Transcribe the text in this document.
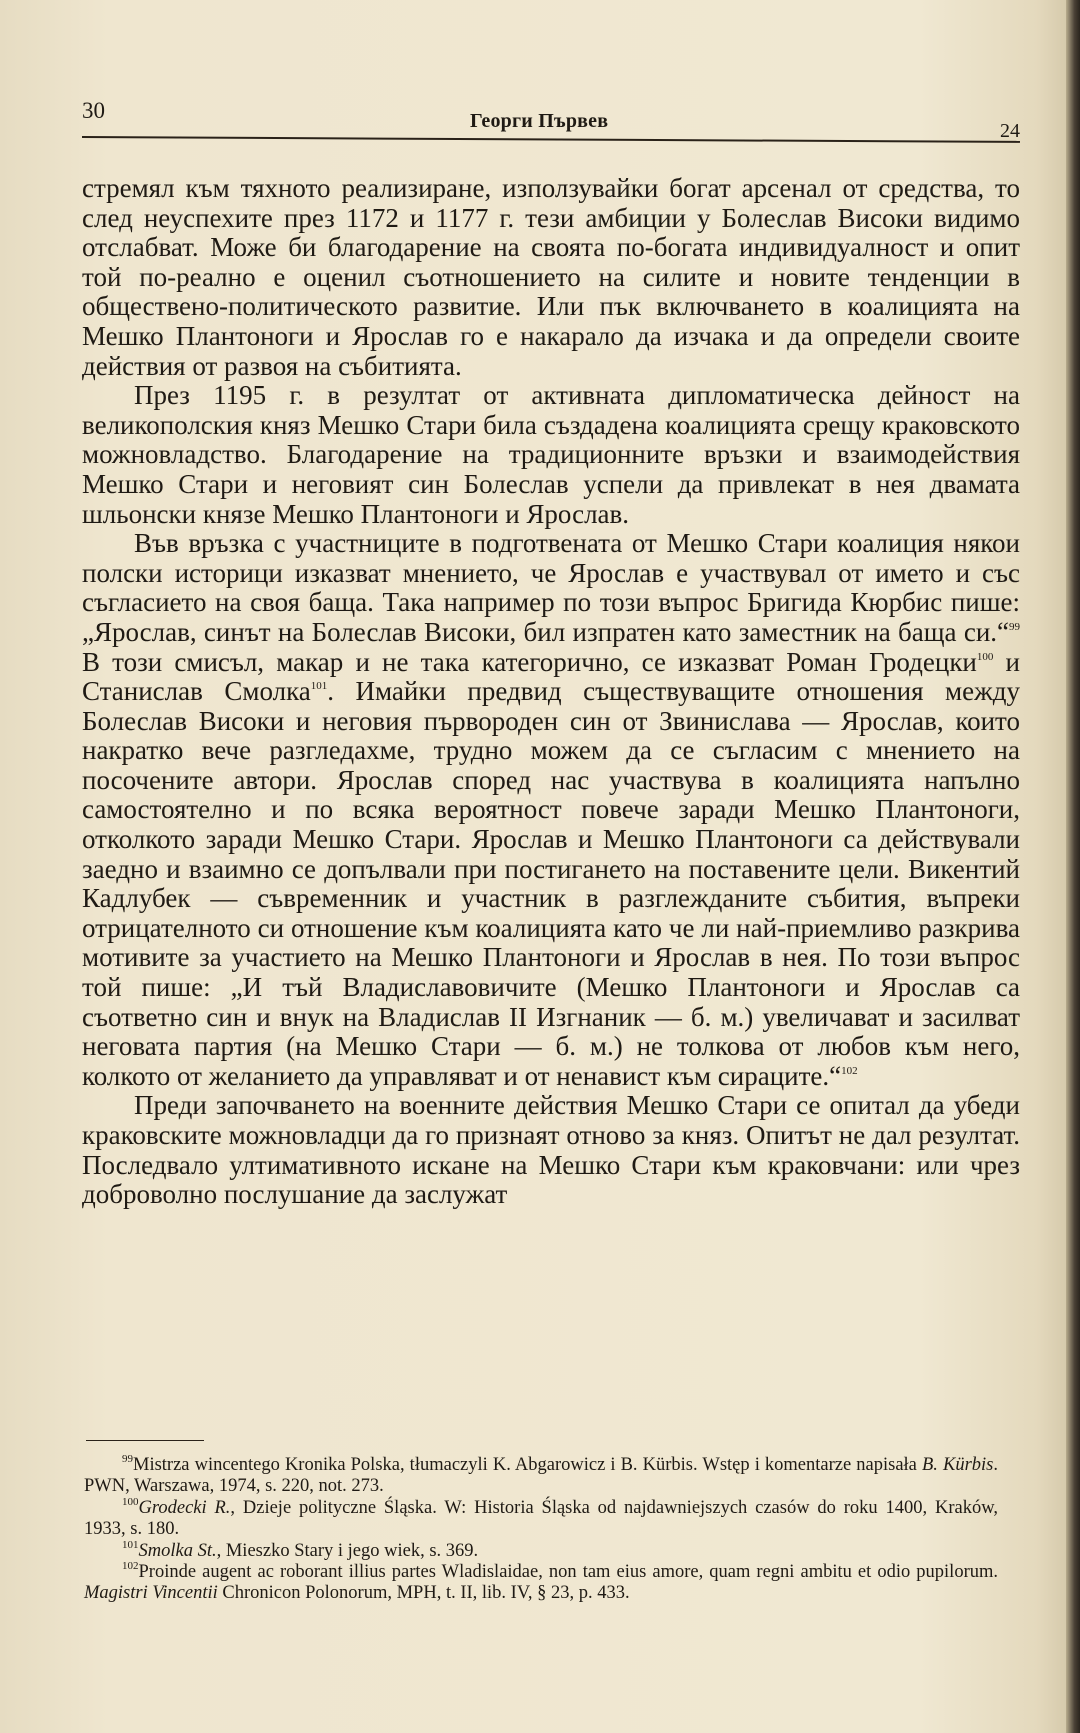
30	Георги Първев	24

стремял към тяхното реализиране, използувайки богат арсенал от средства, то след неуспехите през 1172 и 1177 г. тези амбиции у Болеслав Високи видимо отслабват. Може би благодарение на своята по-богата индивидуалност и опит той по-реално е оценил съотношението на силите и новите тенденции в обществено-политическото развитие. Или пък включването в коалицията на Мешко Плантоноги и Ярослав го е накарало да изчака и да определи своите действия от развоя на събитията.

През 1195 г. в резултат от активната дипломатическа дейност на великополския княз Мешко Стари била създадена коалицията срещу краковското можновладство. Благодарение на традиционните връзки и взаимодействия Мешко Стари и неговият син Болеслав успели да привлекат в нея двамата шльонски князе Мешко Плантоноги и Ярослав.

Във връзка с участниците в подготвената от Мешко Стари коалиция някои полски историци изказват мнението, че Ярослав е участвувал от името и със съгласието на своя баща. Така например по този въпрос Бригида Кюрбис пише: „Ярослав, синът на Болеслав Високи, бил изпратен като заместник на баща си.“$^{99}$ В този смисъл, макар и не така категорично, се изказват Роман Гродецки$^{100}$ и Станислав Смолка$^{101}$. Имайки предвид съществуващите отношения между Болеслав Високи и неговия първороден син от Звинислава — Ярослав, които накратко вече разгледахме, трудно можем да се съгласим с мнението на посочените автори. Ярослав според нас участвува в коалицията напълно самостоятелно и по всяка вероятност повече заради Мешко Плантоноги, отколкото заради Мешко Стари. Ярослав и Мешко Плантоноги са действували заедно и взаимно се допълвали при постигането на поставените цели. Викентий Кадлубек — съвременник и участник в разглежданите събития, въпреки отрицателното си отношение към коалицията като че ли най-приемливо разкрива мотивите за участието на Мешко Плантоноги и Ярослав в нея. По този въпрос той пише: „И тъй Владиславовичите (Мешко Плантоноги и Ярослав са съответно син и внук на Владислав II Изгнаник — б. м.) увеличават и засилват неговата партия (на Мешко Стари — б. м.) не толкова от любов към него, колкото от желанието да управляват и от ненавист към сираците.“$^{102}$

Преди започването на военните действия Мешко Стари се опитал да убеди краковските можновладци да го признаят отново за княз. Опитът не дал резултат. Последвало ултимативното искане на Мешко Стари към краковчани: или чрез доброволно послушание да заслужат

$^{99}$Mistrza wincentego Kronika Polska, tłumaczyli K. Abgarowicz i B. Kürbis. Wstęp i komentarze napisała B. Kürbis. PWN, Warszawa, 1974, s. 220, not. 273.

$^{100}$Grodecki R., Dzieje polityczne Śląska. W: Historia Śląska od najdawniejszych czasów do roku 1400, Kraków, 1933, s. 180.

$^{101}$Smolka St., Mieszko Stary i jego wiek, s. 369.

$^{102}$Proinde augent ac roborant illius partes Wladislaidae, non tam eius amore, quam regni ambitu et odio pupilorum. Magistri Vincentii Chronicon Polonorum, MPH, t. II, lib. IV, § 23, p. 433.
